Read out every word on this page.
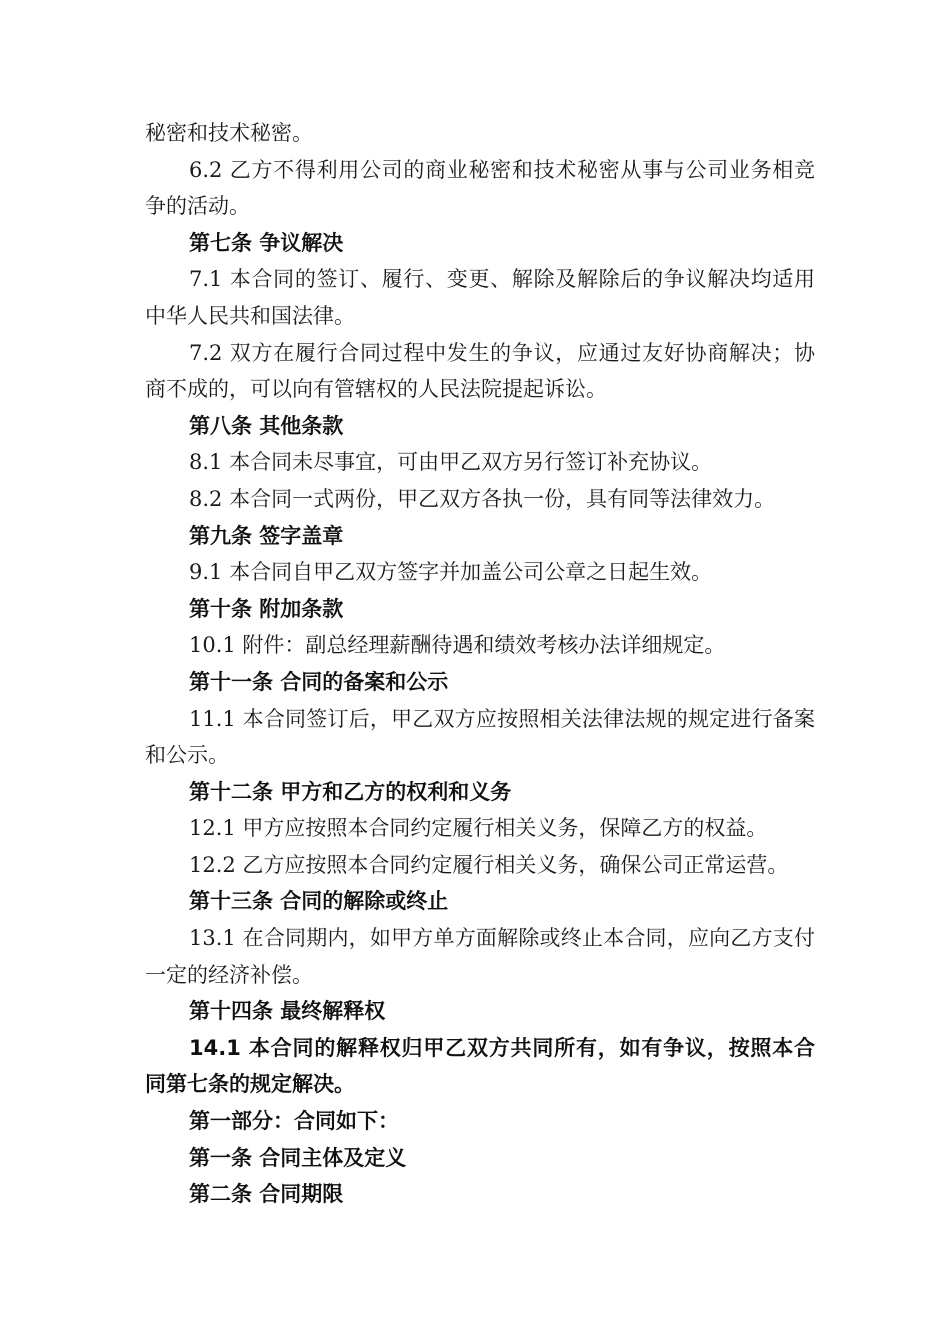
秘密和技术秘密。

6.2 乙方不得利用公司的商业秘密和技术秘密从事与公司业务相竞争的活动。

第七条 争议解决

7.1 本合同的签订、履行、变更、解除及解除后的争议解决均适用中华人民共和国法律。

7.2 双方在履行合同过程中发生的争议，应通过友好协商解决；协商不成的，可以向有管辖权的人民法院提起诉讼。

第八条 其他条款

8.1 本合同未尽事宜，可由甲乙双方另行签订补充协议。

8.2 本合同一式两份，甲乙双方各执一份，具有同等法律效力。

第九条 签字盖章

9.1 本合同自甲乙双方签字并加盖公司公章之日起生效。

第十条 附加条款

10.1 附件：副总经理薪酬待遇和绩效考核办法详细规定。

第十一条 合同的备案和公示

11.1 本合同签订后，甲乙双方应按照相关法律法规的规定进行备案和公示。

第十二条 甲方和乙方的权利和义务

12.1 甲方应按照本合同约定履行相关义务，保障乙方的权益。

12.2 乙方应按照本合同约定履行相关义务，确保公司正常运营。

第十三条 合同的解除或终止

13.1 在合同期内，如甲方单方面解除或终止本合同，应向乙方支付一定的经济补偿。

第十四条 最终解释权

14.1 本合同的解释权归甲乙双方共同所有，如有争议，按照本合同第七条的规定解决。

第一部分：合同如下：

第一条 合同主体及定义

第二条 合同期限
